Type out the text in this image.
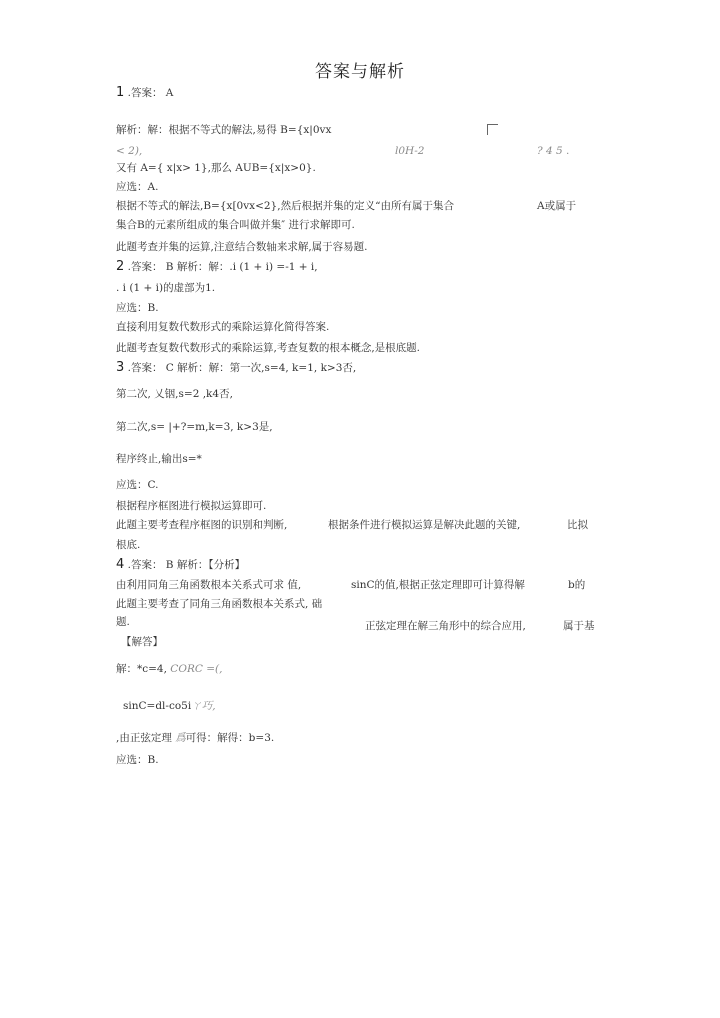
答案与解析
1 .答案： A
解析：解：根据不等式的解法,易得 B={x|0vx
< 2),	l0H-2	? 4 5 .
又有 A={ x|x> 1},那么 AUB={x|x>0}.
应选：A.
根据不等式的解法,B={x[0vx<2},然后根据并集的定义“由所有属于集合	A或属于
集合B的元素所组成的集合叫做并集″ 进行求解即可.
此题考查并集的运算,注意结合数轴来求解,属于容易题.
2 .答案： B 解析：解：.i (1 + i) =-1 + i,
. i (1 + i)的虚部为1.
应选：B.
直接利用复数代数形式的乘除运算化简得答案.
此题考查复数代数形式的乘除运算,考查复数的根本概念,是根底题.
3 .答案： C 解析：解：第一次,s=4, k=1, k>3否,
第二次, 乂铟,s=2 ,k4否,
第二次,s= |+?=m,k=3, k>3是,
程序终止,输出s=*
应选：C.
根据程序框图进行模拟运算即可.
此题主要考查程序框图的识别和判断,	根据条件进行模拟运算是解决此题的关键,	比拟
根底.
4 .答案： B 解析：【分析】
由利用同角三角函数根本关系式可求 值,	sinC的值,根据正弦定理即可计算得解	b的
此题主要考查了同角三角函数根本关系式, 础
题.	正弦定理在解三角形中的综合应用,	属于基
【解答】
解：*c=4, CORC =(,
sinC=dl-co5iㄚ巧,
,由正弦定理 爲可得：解得：b=3.
应选：B.
